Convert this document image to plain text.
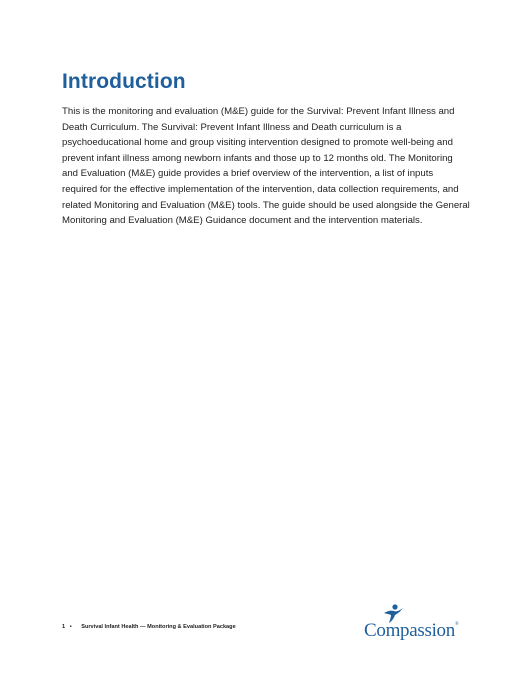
Introduction

This is the monitoring and evaluation (M&E) guide for the Survival: Prevent Infant Illness and Death Curriculum. The Survival: Prevent Infant Illness and Death curriculum is a psychoeducational home and group visiting intervention designed to promote well-being and prevent infant illness among newborn infants and those up to 12 months old. The Monitoring and Evaluation (M&E) guide provides a brief overview of the intervention, a list of inputs required for the effective implementation of the intervention, data collection requirements, and related Monitoring and Evaluation (M&E) tools. The guide should be used alongside the General Monitoring and Evaluation (M&E) Guidance document and the intervention materials.

1 • Survival Infant Health — Monitoring & Evaluation Package	Compassion®
